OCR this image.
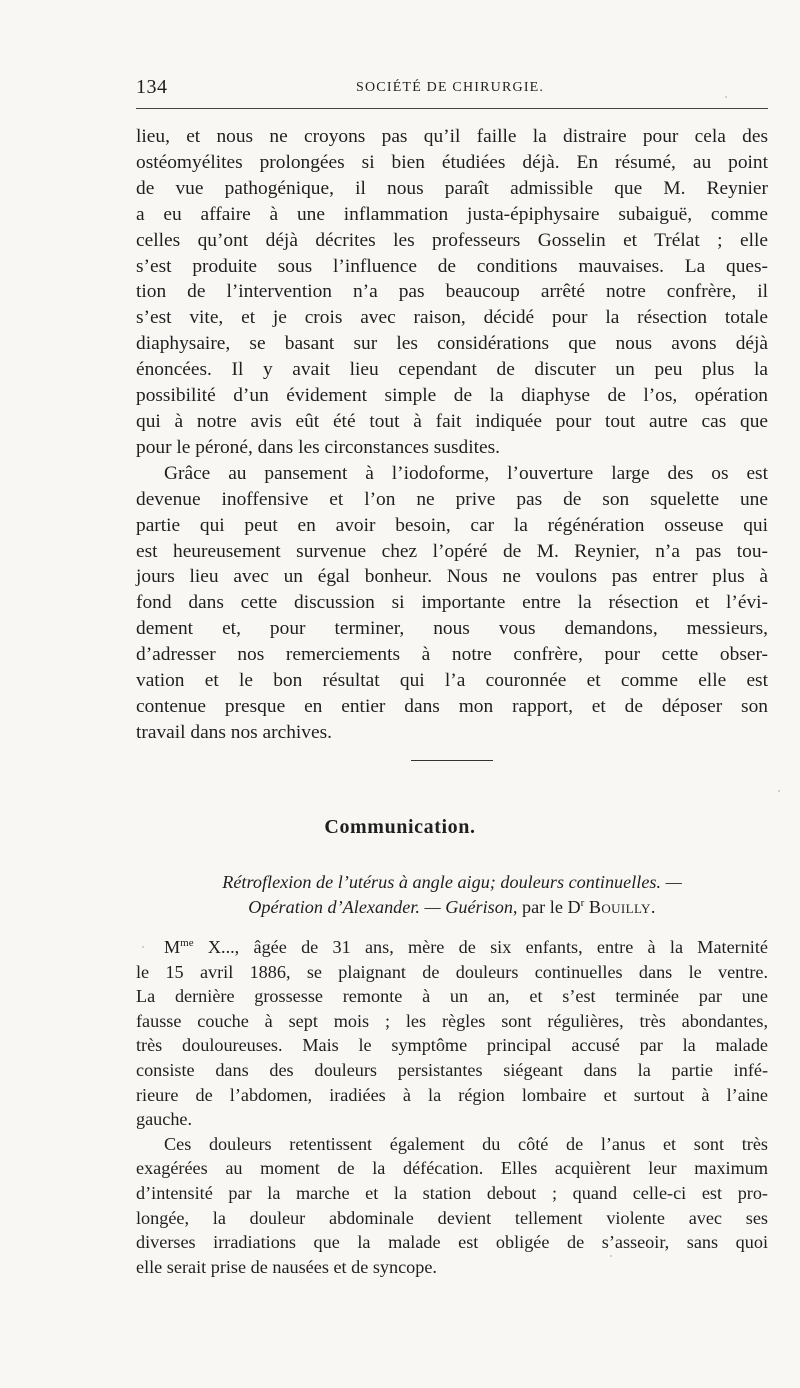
134	SOCIÉTÉ DE CHIRURGIE.
lieu, et nous ne croyons pas qu’il faille la distraire pour cela des
ostéomyélites prolongées si bien étudiées déjà. En résumé, au point
de vue pathogénique, il nous paraît admissible que M. Reynier
a eu affaire à une inflammation justa-épiphysaire subaiguë, comme
celles qu’ont déjà décrites les professeurs Gosselin et Trélat ; elle
s’est produite sous l’influence de conditions mauvaises. La ques-
tion de l’intervention n’a pas beaucoup arrêté notre confrère, il
s’est vite, et je crois avec raison, décidé pour la résection totale
diaphysaire, se basant sur les considérations que nous avons déjà
énoncées. Il y avait lieu cependant de discuter un peu plus la
possibilité d’un évidement simple de la diaphyse de l’os, opération
qui à notre avis eût été tout à fait indiquée pour tout autre cas que
pour le péroné, dans les circonstances susdites.
Grâce au pansement à l’iodoforme, l’ouverture large des os est
devenue inoffensive et l’on ne prive pas de son squelette une
partie qui peut en avoir besoin, car la régénération osseuse qui
est heureusement survenue chez l’opéré de M. Reynier, n’a pas tou-
jours lieu avec un égal bonheur. Nous ne voulons pas entrer plus à
fond dans cette discussion si importante entre la résection et l’évi-
dement et, pour terminer, nous vous demandons, messieurs,
d’adresser nos remerciements à notre confrère, pour cette obser-
vation et le bon résultat qui l’a couronnée et comme elle est
contenue presque en entier dans mon rapport, et de déposer son
travail dans nos archives.
Communication.
Rétroflexion de l’utérus à angle aigu; douleurs continuelles. —
Opération d’Alexander. — Guérison, par le $D^r$ Bouilly.
$M^{me}$ X..., âgée de 31 ans, mère de six enfants, entre à la Maternité
le 15 avril 1886, se plaignant de douleurs continuelles dans le ventre.
La dernière grossesse remonte à un an, et s’est terminée par une
fausse couche à sept mois ; les règles sont régulières, très abondantes,
très douloureuses. Mais le symptôme principal accusé par la malade
consiste dans des douleurs persistantes siégeant dans la partie infé-
rieure de l’abdomen, iradiées à la région lombaire et surtout à l’aine
gauche.
Ces douleurs retentissent également du côté de l’anus et sont très
exagérées au moment de la défécation. Elles acquièrent leur maximum
d’intensité par la marche et la station debout ; quand celle-ci est pro-
longée, la douleur abdominale devient tellement violente avec ses
diverses irradiations que la malade est obligée de s’asseoir, sans quoi
elle serait prise de nausées et de syncope.
